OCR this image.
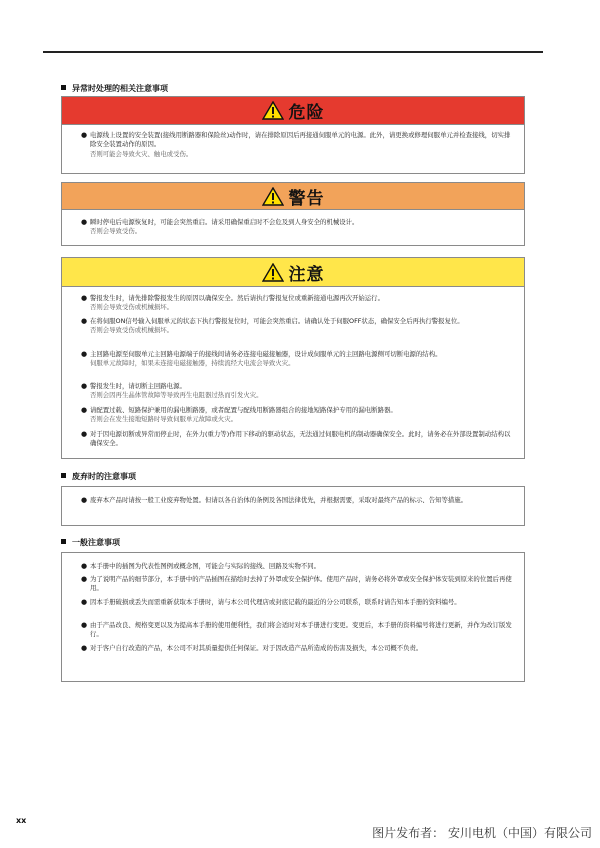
异常时处理的相关注意事项
危险
● 电源线上设置的安全装置(接线用断路器和保险丝)动作时，请在排除原因后再接通伺服单元的电源。此外，请更换或修理伺服单元并检查接线，切实排除安全装置动作的原因。
否则可能会导致火灾、触电或受伤。
警告
● 瞬时停电后电源恢复时，可能会突然重启。请采用确保重启时不会危及到人身安全的机械设计。
否则会导致受伤。
注意
● 警报发生时，请先排除警报发生的原因以确保安全。然后请执行警报复位或重新接通电源再次开始运行。
否则会导致受伤或机械损坏。
● 在将伺服ON信号输入伺服单元的状态下执行警报复位时，可能会突然重启。请确认处于伺服OFF状态，确保安全后再执行警报复位。
否则会导致受伤或机械损坏。
● 主回路电源至伺服单元主回路电源端子的接线间请务必连接电磁接触器，设计成伺服单元的主回路电源侧可切断电源的结构。
伺服单元故障时，如果未连接电磁接触器，持续流经大电流会导致火灾。
● 警报发生时，请切断主回路电源。
否则会因再生晶体管故障等导致再生电阻器过热而引发火灾。
● 请配置过载、短路保护兼用的漏电断路器，或者配置与配线用断路器组合的接地短路保护专用的漏电断路器。
否则会在发生接地短路时导致伺服单元故障或火灾。
● 对于因电源切断或异常而停止时，在外力(重力等)作用下移动的驱动状态，无法通过伺服电机的制动器确保安全。此时，请务必在外部设置制动结构以确保安全。
废弃时的注意事项
● 废弃本产品时请按一般工业废弃物处置。但请以各自治体的条例及各国法律优先，并根据需要，采取对最终产品的标示、告知等措施。
一般注意事项
● 本手册中的插图为代表性图例或概念图，可能会与实际的接线、回路及实物不同。
● 为了说明产品的细节部分，本手册中的产品插图在描绘时去掉了外罩或安全保护体。使用产品时，请务必将外罩或安全保护体安装到原来的位置后再使用。
● 因本手册破损或丢失而需重新获取本手册时，请与本公司代理店或封底记载的最近的分公司联系，联系时请告知本手册的资料编号。
● 由于产品改良、规格变更以及为提高本手册的使用便利性，我们将会适时对本手册进行变更。变更后，本手册的资料编号将进行更新，并作为改订版发行。
● 对于客户自行改造的产品，本公司不对其质量提供任何保证。对于因改造产品所造成的伤害及损失，本公司概不负责。
xx
图片发布者： 安川电机（中国）有限公司
